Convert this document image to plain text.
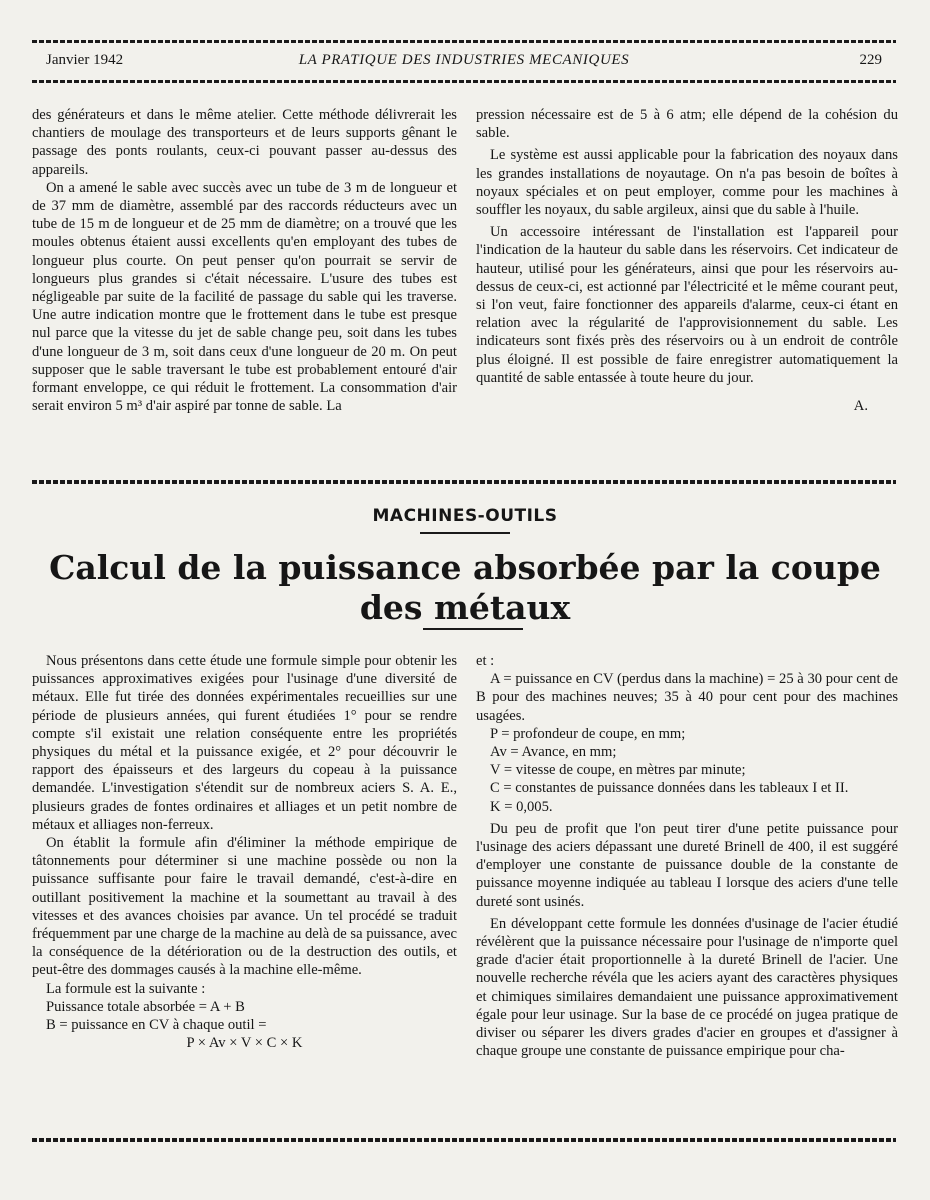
Janvier 1942	LA PRATIQUE DES INDUSTRIES MECANIQUES	229

des générateurs et dans le même atelier. Cette méthode délivrerait les chantiers de moulage des transporteurs et de leurs supports gênant le passage des ponts roulants, ceux-ci pouvant passer au-dessus des appareils.

On a amené le sable avec succès avec un tube de 3 m de longueur et de 37 mm de diamètre, assemblé par des raccords réducteurs avec un tube de 15 m de longueur et de 25 mm de diamètre; on a trouvé que les moules obtenus étaient aussi excellents qu'en employant des tubes de longueur plus courte. On peut penser qu'on pourrait se servir de longueurs plus grandes si c'était nécessaire. L'usure des tubes est négligeable par suite de la facilité de passage du sable qui les traverse. Une autre indication montre que le frottement dans le tube est presque nul parce que la vitesse du jet de sable change peu, soit dans les tubes d'une longueur de 3 m, soit dans ceux d'une longueur de 20 m. On peut supposer que le sable traversant le tube est probablement entouré d'air formant enveloppe, ce qui réduit le frottement. La consommation d'air serait environ 5 m³ d'air aspiré par tonne de sable. La

pression nécessaire est de 5 à 6 atm; elle dépend de la cohésion du sable.

Le système est aussi applicable pour la fabrication des noyaux dans les grandes installations de noyautage. On n'a pas besoin de boîtes à noyaux spéciales et on peut employer, comme pour les machines à souffler les noyaux, du sable argileux, ainsi que du sable à l'huile.

Un accessoire intéressant de l'installation est l'appareil pour l'indication de la hauteur du sable dans les réservoirs. Cet indicateur de hauteur, utilisé pour les générateurs, ainsi que pour les réservoirs au-dessus de ceux-ci, est actionné par l'électricité et le même courant peut, si l'on veut, faire fonctionner des appareils d'alarme, ceux-ci étant en relation avec la régularité de l'approvisionnement du sable. Les indicateurs sont fixés près des réservoirs ou à un endroit de contrôle plus éloigné. Il est possible de faire enregistrer automatiquement la quantité de sable entassée à toute heure du jour.

A.

MACHINES-OUTILS
Calcul de la puissance absorbée par la coupe
des métaux

Nous présentons dans cette étude une formule simple pour obtenir les puissances approximatives exigées pour l'usinage d'une diversité de métaux. Elle fut tirée des données expérimentales recueillies sur une période de plusieurs années, qui furent étudiées 1° pour se rendre compte s'il existait une relation conséquente entre les propriétés physiques du métal et la puissance exigée, et 2° pour découvrir le rapport des épaisseurs et des largeurs du copeau à la puissance demandée. L'investigation s'étendit sur de nombreux aciers S. A. E., plusieurs grades de fontes ordinaires et alliages et un petit nombre de métaux et alliages non-ferreux.

On établit la formule afin d'éliminer la méthode empirique de tâtonnements pour déterminer si une machine possède ou non la puissance suffisante pour faire le travail demandé, c'est-à-dire en outillant positivement la machine et la soumettant au travail à des vitesses et des avances choisies par avance. Un tel procédé se traduit fréquemment par une charge de la machine au delà de sa puissance, avec la conséquence de la détérioration ou de la destruction des outils, et peut-être des dommages causés à la machine elle-même.

La formule est la suivante :

Puissance totale absorbée = A + B

B = puissance en CV à chaque outil =

P × Av × V × C × K

et :

A = puissance en CV (perdus dans la machine) = 25 à 30 pour cent de B pour des machines neuves; 35 à 40 pour cent pour des machines usagées.

P = profondeur de coupe, en mm;

Av = Avance, en mm;

V = vitesse de coupe, en mètres par minute;

C = constantes de puissance données dans les tableaux I et II.

K = 0,005.

Du peu de profit que l'on peut tirer d'une petite puissance pour l'usinage des aciers dépassant une dureté Brinell de 400, il est suggéré d'employer une constante de puissance double de la constante de puissance moyenne indiquée au tableau I lorsque des aciers d'une telle dureté sont usinés.

En développant cette formule les données d'usinage de l'acier étudié révélèrent que la puissance nécessaire pour l'usinage de n'importe quel grade d'acier était proportionnelle à la dureté Brinell de l'acier. Une nouvelle recherche révéla que les aciers ayant des caractères physiques et chimiques similaires demandaient une puissance approximativement égale pour leur usinage. Sur la base de ce procédé on jugea pratique de diviser ou séparer les divers grades d'acier en groupes et d'assigner à chaque groupe une constante de puissance empirique pour cha-
